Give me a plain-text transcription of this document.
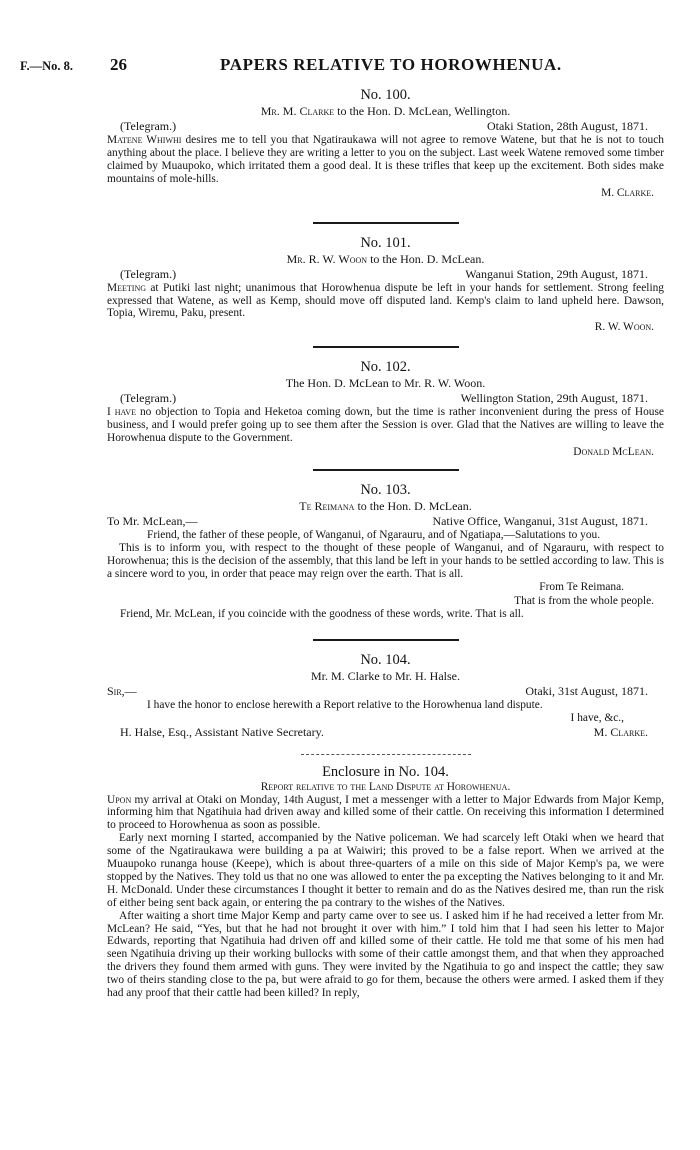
F.—No. 8. 26	PAPERS RELATIVE TO HOROWHENUA.
No. 100.
Mr. M. Clarke to the Hon. D. McLean, Wellington.
(Telegram.)	Otaki Station, 28th August, 1871.

Matene Whiwhi desires me to tell you that Ngatiraukawa will not agree to remove Watene, but that he is not to touch anything about the place. I believe they are writing a letter to you on the subject. Last week Watene removed some timber claimed by Muaupoko, which irritated them a good deal. It is these trifles that keep up the excitement. Both sides make mountains of mole-hills.

M. Clarke.
No. 101.
Mr. R. W. Woon to the Hon. D. McLean.
(Telegram.)	Wanganui Station, 29th August, 1871.

Meeting at Putiki last night; unanimous that Horowhenua dispute be left in your hands for settlement. Strong feeling expressed that Watene, as well as Kemp, should move off disputed land. Kemp's claim to land upheld here. Dawson, Topia, Wiremu, Paku, present.

R. W. Woon.
No. 102.
The Hon. D. McLean to Mr. R. W. Woon.
(Telegram.)	Wellington Station, 29th August, 1871.

I have no objection to Topia and Heketoa coming down, but the time is rather inconvenient during the press of House business, and I would prefer going up to see them after the Session is over. Glad that the Natives are willing to leave the Horowhenua dispute to the Government.

Donald McLean.
No. 103.
Te Reimana to the Hon. D. McLean.
To Mr. McLean,—	Native Office, Wanganui, 31st August, 1871.

Friend, the father of these people, of Wanganui, of Ngarauru, and of Ngatiapa,—Salutations to you.

This is to inform you, with respect to the thought of these people of Wanganui, and of Ngarauru, with respect to Horowhenua; this is the decision of the assembly, that this land be left in your hands to be settled according to law. This is a sincere word to you, in order that peace may reign over the earth. That is all.

From Te Reimana.
That is from the whole people.

Friend, Mr. McLean, if you coincide with the goodness of these words, write. That is all.

No. 104.
Mr. M. Clarke to Mr. H. Halse.
Sir,—	Otaki, 31st August, 1871.

I have the honor to enclose herewith a Report relative to the Horowhenua land dispute.

I have, &c.,
H. Halse, Esq., Assistant Native Secretary.	M. Clarke.
Enclosure in No. 104.
Report relative to the Land Dispute at Horowhenua.

Upon my arrival at Otaki on Monday, 14th August, I met a messenger with a letter to Major Edwards from Major Kemp, informing him that Ngatihuia had driven away and killed some of their cattle. On receiving this information I determined to proceed to Horowhenua as soon as possible.

Early next morning I started, accompanied by the Native policeman. We had scarcely left Otaki when we heard that some of the Ngatiraukawa were building a pa at Waiwiri; this proved to be a false report. When we arrived at the Muaupoko runanga house (Keepe), which is about three-quarters of a mile on this side of Major Kemp's pa, we were stopped by the Natives. They told us that no one was allowed to enter the pa excepting the Natives belonging to it and Mr. H. McDonald. Under these circumstances I thought it better to remain and do as the Natives desired me, than run the risk of either being sent back again, or entering the pa contrary to the wishes of the Natives.

After waiting a short time Major Kemp and party came over to see us. I asked him if he had received a letter from Mr. McLean? He said, “Yes, but that he had not brought it over with him.” I told him that I had seen his letter to Major Edwards, reporting that Ngatihuia had driven off and killed some of their cattle. He told me that some of his men had seen Ngatihuia driving up their working bullocks with some of their cattle amongst them, and that when they approached the drivers they found them armed with guns. They were invited by the Ngatihuia to go and inspect the cattle; they saw two of theirs standing close to the pa, but were afraid to go for them, because the others were armed. I asked them if they had any proof that their cattle had been killed? In reply,
